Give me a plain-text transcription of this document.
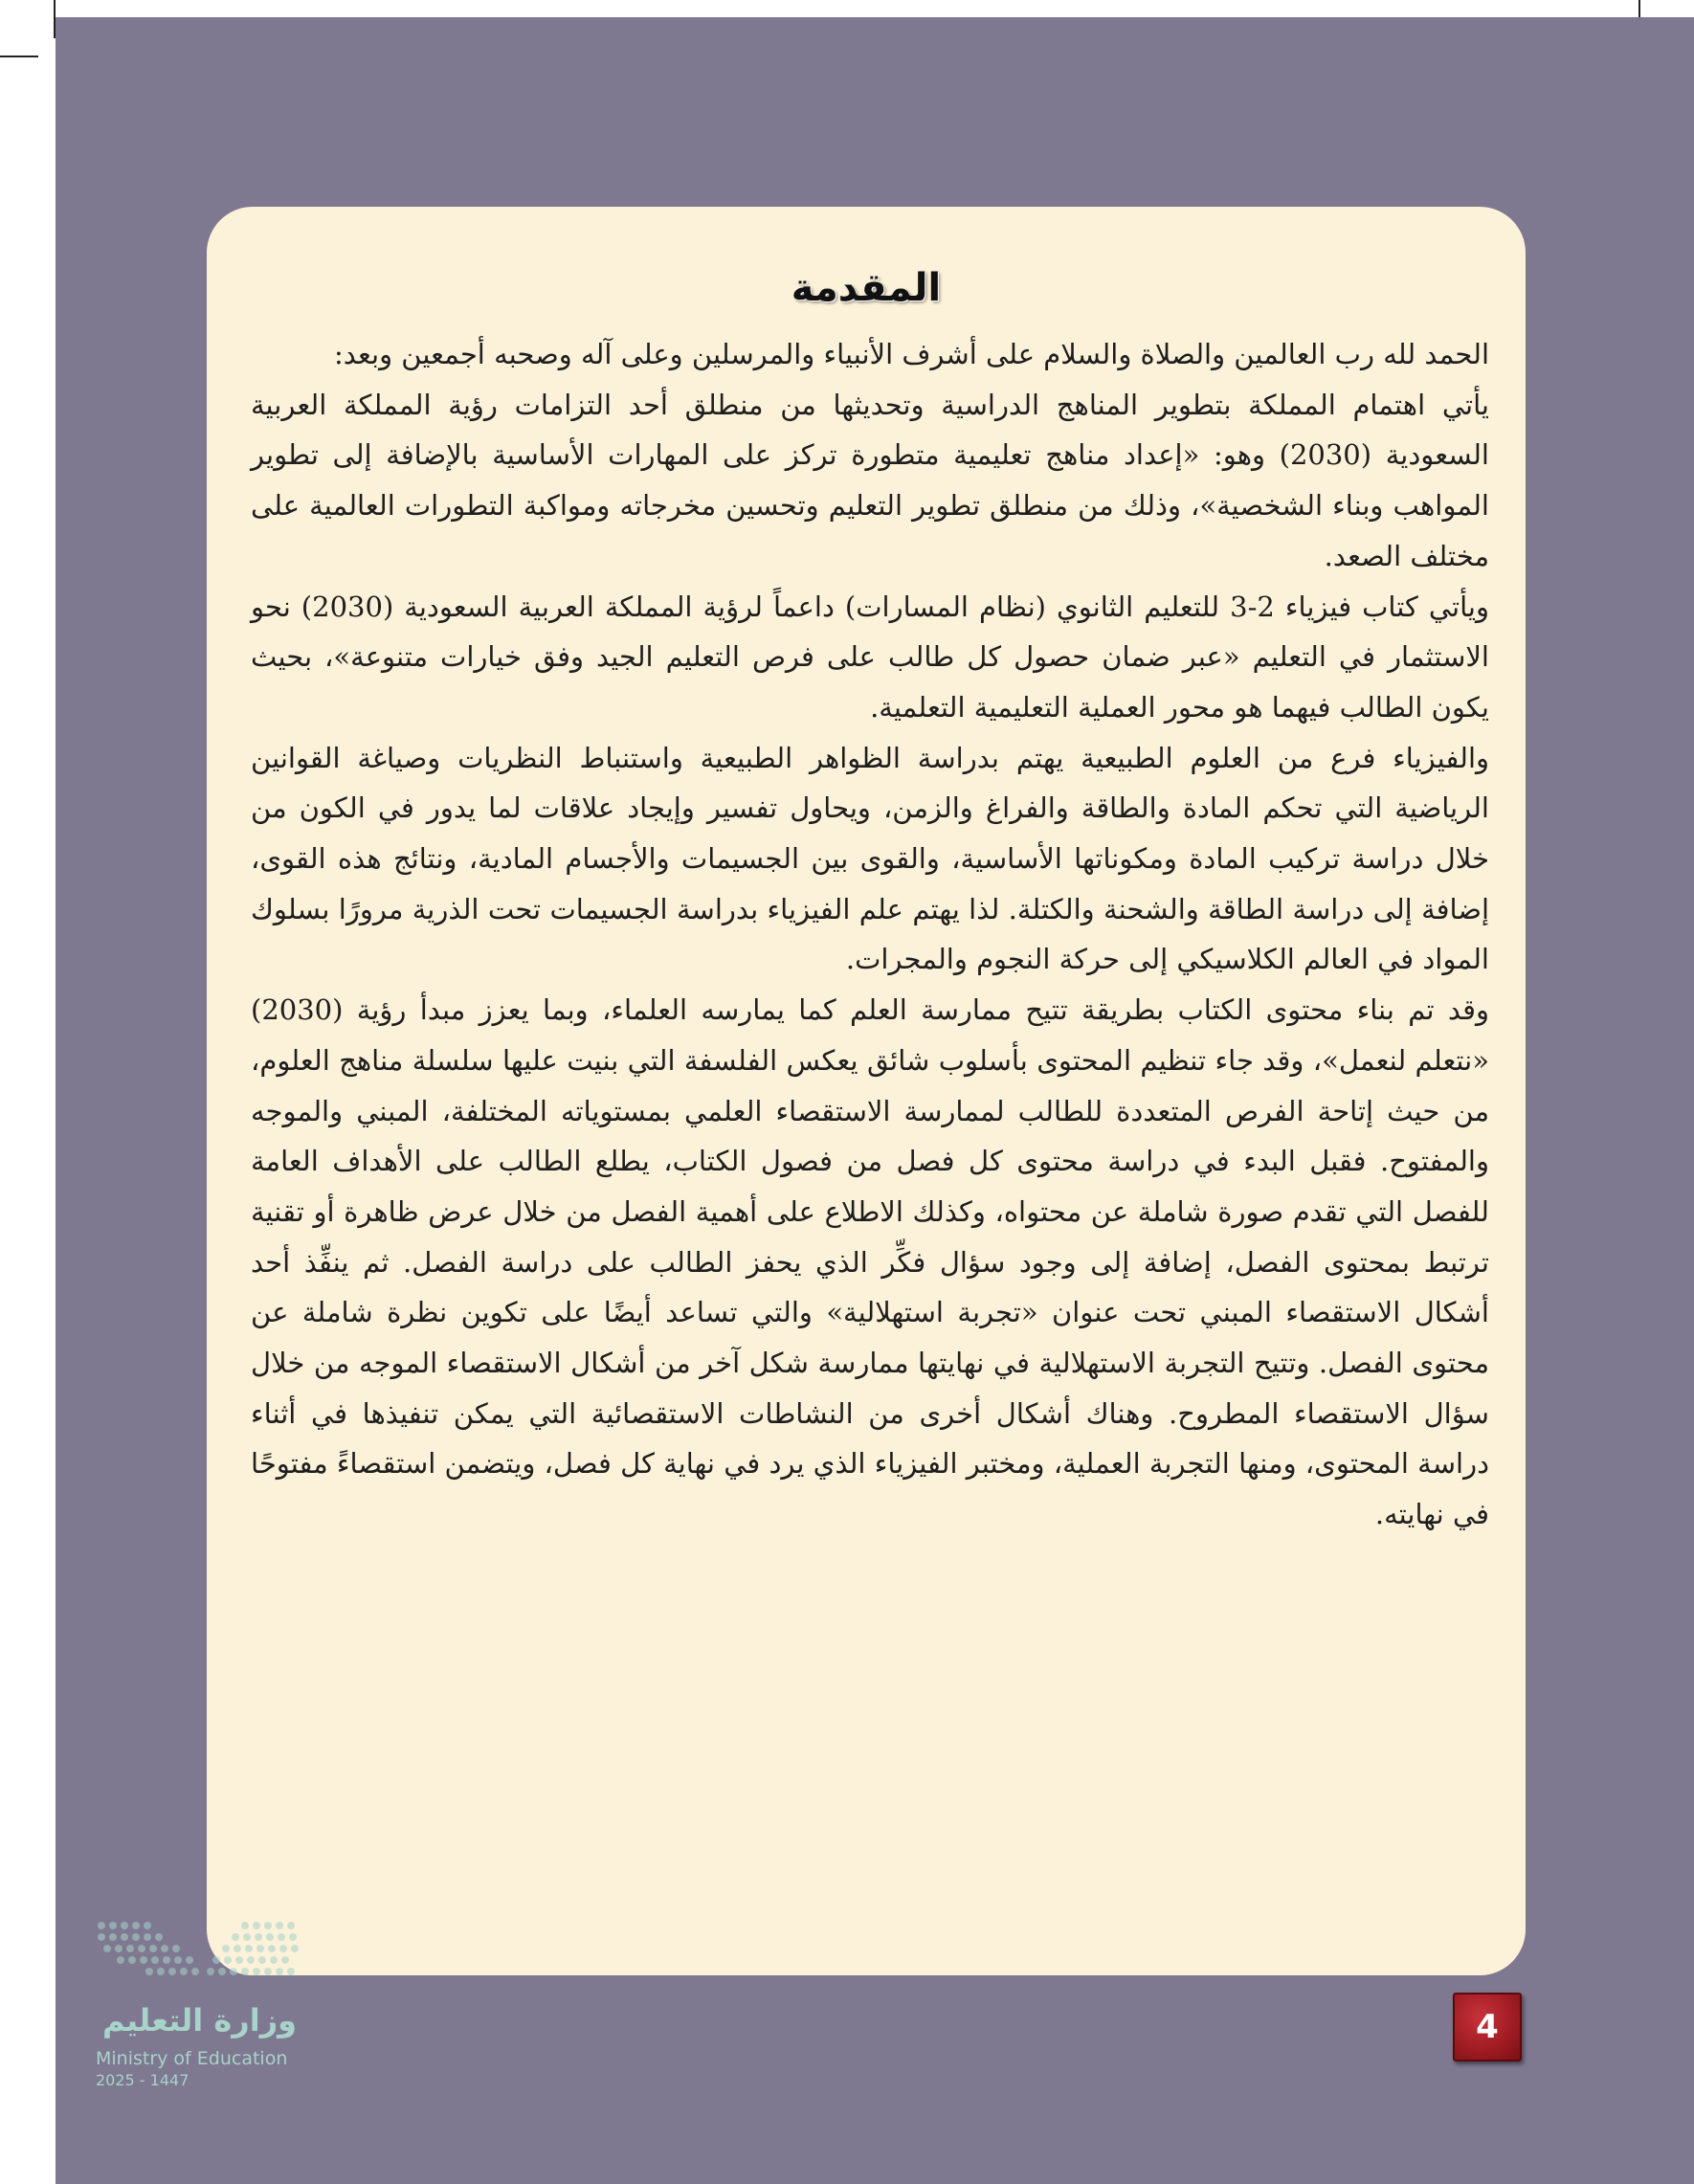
المقدمة

الحمد لله رب العالمين والصلاة والسلام على أشرف الأنبياء والمرسلين وعلى آله وصحبه أجمعين وبعد:

يأتي اهتمام المملكة بتطوير المناهج الدراسية وتحديثها من منطلق أحد التزامات رؤية المملكة العربية السعودية (2030) وهو: «إعداد مناهج تعليمية متطورة تركز على المهارات الأساسية بالإضافة إلى تطوير المواهب وبناء الشخصية»، وذلك من منطلق تطوير التعليم وتحسين مخرجاته ومواكبة التطورات العالمية على مختلف الصعد.

ويأتي كتاب فيزياء 2-3 للتعليم الثانوي (نظام المسارات) داعماً لرؤية المملكة العربية السعودية (2030) نحو الاستثمار في التعليم «عبر ضمان حصول كل طالب على فرص التعليم الجيد وفق خيارات متنوعة»، بحيث يكون الطالب فيهما هو محور العملية التعليمية التعلمية.

والفيزياء فرع من العلوم الطبيعية يهتم بدراسة الظواهر الطبيعية واستنباط النظريات وصياغة القوانين الرياضية التي تحكم المادة والطاقة والفراغ والزمن، ويحاول تفسير وإيجاد علاقات لما يدور في الكون من خلال دراسة تركيب المادة ومكوناتها الأساسية، والقوى بين الجسيمات والأجسام المادية، ونتائج هذه القوى، إضافة إلى دراسة الطاقة والشحنة والكتلة. لذا يهتم علم الفيزياء بدراسة الجسيمات تحت الذرية مرورًا بسلوك المواد في العالم الكلاسيكي إلى حركة النجوم والمجرات.

وقد تم بناء محتوى الكتاب بطريقة تتيح ممارسة العلم كما يمارسه العلماء، وبما يعزز مبدأ رؤية (2030) «نتعلم لنعمل»، وقد جاء تنظيم المحتوى بأسلوب شائق يعكس الفلسفة التي بنيت عليها سلسلة مناهج العلوم، من حيث إتاحة الفرص المتعددة للطالب لممارسة الاستقصاء العلمي بمستوياته المختلفة، المبني والموجه والمفتوح. فقبل البدء في دراسة محتوى كل فصل من فصول الكتاب، يطلع الطالب على الأهداف العامة للفصل التي تقدم صورة شاملة عن محتواه، وكذلك الاطلاع على أهمية الفصل من خلال عرض ظاهرة أو تقنية ترتبط بمحتوى الفصل، إضافة إلى وجود سؤال فكِّر الذي يحفز الطالب على دراسة الفصل. ثم ينفِّذ أحد أشكال الاستقصاء المبني تحت عنوان «تجربة استهلالية» والتي تساعد أيضًا على تكوين نظرة شاملة عن محتوى الفصل. وتتيح التجربة الاستهلالية في نهايتها ممارسة شكل آخر من أشكال الاستقصاء الموجه من خلال سؤال الاستقصاء المطروح. وهناك أشكال أخرى من النشاطات الاستقصائية التي يمكن تنفيذها في أثناء دراسة المحتوى، ومنها التجربة العملية، ومختبر الفيزياء الذي يرد في نهاية كل فصل، ويتضمن استقصاءً مفتوحًا في نهايته.

وزارة التعليم
Ministry of Education
2025 - 1447
4
